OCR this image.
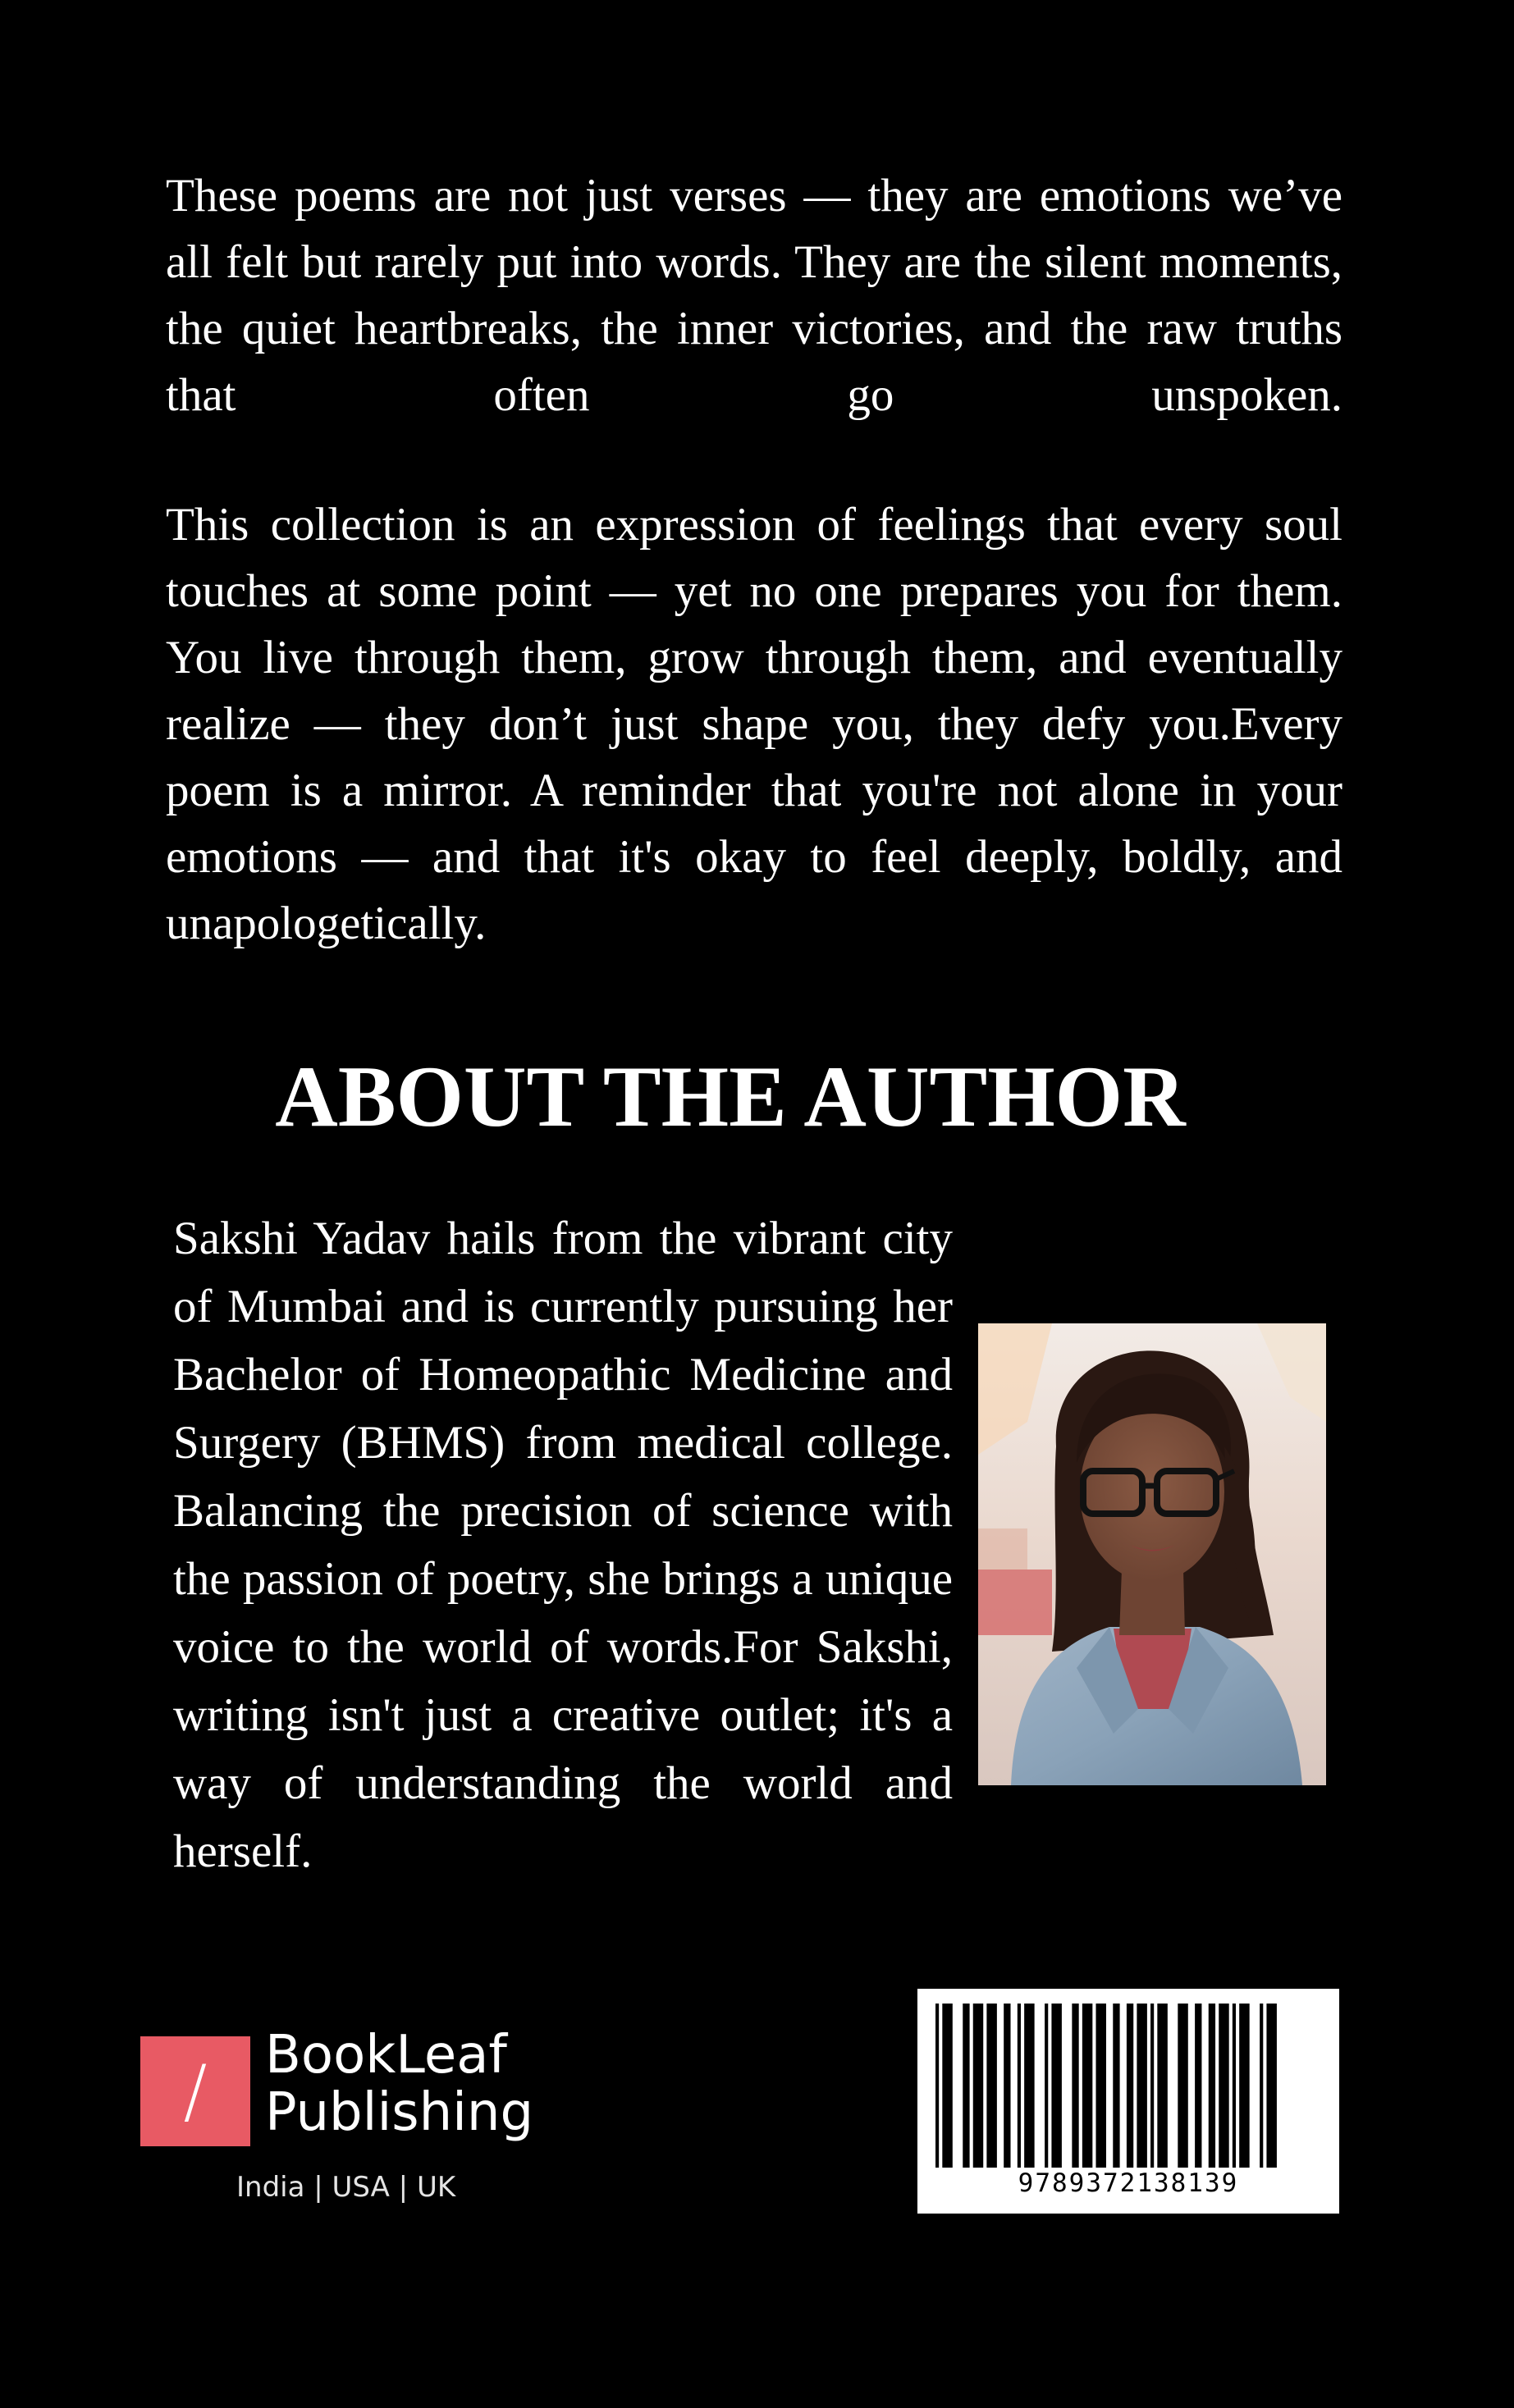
These poems are not just verses — they are emotions we’ve all felt but rarely put into words. They are the silent moments, the quiet heartbreaks, the inner victories, and the raw truths that often go unspoken.

This collection is an expression of feelings that every soul touches at some point — yet no one prepares you for them. You live through them, grow through them, and eventually realize — they don’t just shape you, they defy you.Every poem is a mirror. A reminder that you're not alone in your emotions — and that it's okay to feel deeply, boldly, and unapologetically.

ABOUT THE AUTHOR

Sakshi Yadav hails from the vibrant city of Mumbai and is currently pursuing her Bachelor of Homeopathic Medicine and Surgery (BHMS) from medical college. Balancing the precision of science with the passion of poetry, she brings a unique voice to the world of words.For Sakshi, writing isn't just a creative outlet; it's a way of understanding the world and herself.

/	BookLeaf
Publishing
India | USA | UK	9789372138139
